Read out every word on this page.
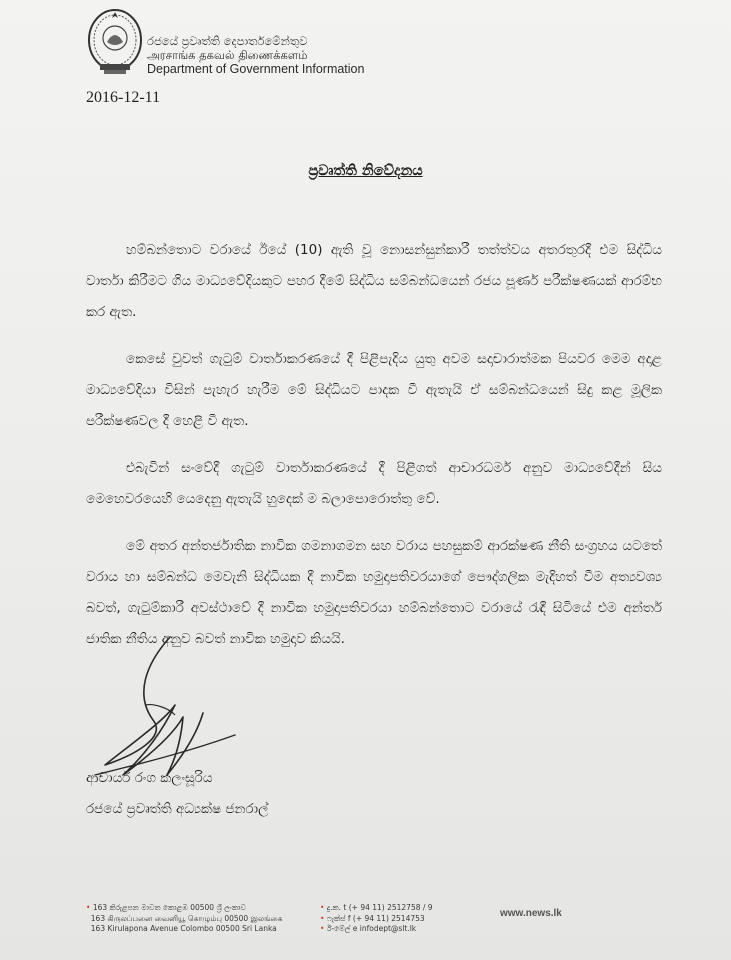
රජයේ ප්‍රවෘත්ති දෙපාර්තමේන්තුව
அரசாங்க தகவல் திணைக்களம்
Department of Government Information
2016-12-11
ප්‍රවෘත්ති නිවේදනය

හම්බන්තොට වරායේ ඊයේ (10) ඇති වූ නොසන්සුන්කාරී තත්ත්වය අතරතුරදී එම සිද්ධිය වාර්තා කිරීමට ගිය මාධ්‍යවේදියකුට පහර දීමේ සිද්ධිය සම්බන්ධයෙන් රජය පූර්ණ පරීක්ෂණයක් ආරම්භ කර ඇත.

කෙසේ වුවත් ගැටුම් වාර්තාකරණයේ දී පිළිපැදිය යුතු අවම සදාචාරාත්මක පියවර මෙම අදාළ මාධ්‍යවේදියා විසින් පැහැර හැරීම මේ සිද්ධියට පාදක වී ඇතැයි ඒ සම්බන්ධයෙන් සිදු කළ මූලික පරීක්ෂණවල දී හෙළි වී ඇත.

එබැවින් සංවේදී ගැටුම් වාර්තාකරණයේ දී පිළිගත් ආචාරධර්ම අනුව මාධ්‍යවේදීන් සිය මෙහෙවරයෙහි යෙදෙනු ඇතැයි හුදෙක් ම බලාපොරොත්තු වේ.

මේ අතර අන්තර්ජාතික නාවික ගමනාගමන සහ වරාය පහසුකම් ආරක්ෂණ නීති සංග්‍රහය යටතේ වරාය හා සම්බන්ධ මෙවැනි සිද්ධියක දී නාවික හමුදාපතිවරයාගේ පෞද්ගලික මැදිහත් වීම අත්‍යවශ්‍ය බවත්, ගැටුම්කාරී අවස්ථාවේ දී නාවික හමුදාපතිවරයා හම්බන්තොට වරායේ රැඳී සිටියේ එම අන්තර් ජාතික නීතිය අනුව බවත් නාවික හමුදාව කියයි.

ආචාර්ය රංග කලංසූරිය
රජයේ ප්‍රවෘත්ති අධ්‍යක්ෂ ජනරාල්
• 163 කිරුළපන මාවත කොළඹ 00500 ශ්‍රී ලංකාව
163 கிருலப்பனை வைனியூ கொழும்பு 00500 இலங்கை
163 Kirulapona Avenue Colombo 00500 Sri Lanka
• දු.ක. t (+ 94 11) 2512758 / 9
• ෆැක්ස් f (+ 94 11) 2514753
• ඊ-මේල් e infodept@slt.lk
www.news.lk
